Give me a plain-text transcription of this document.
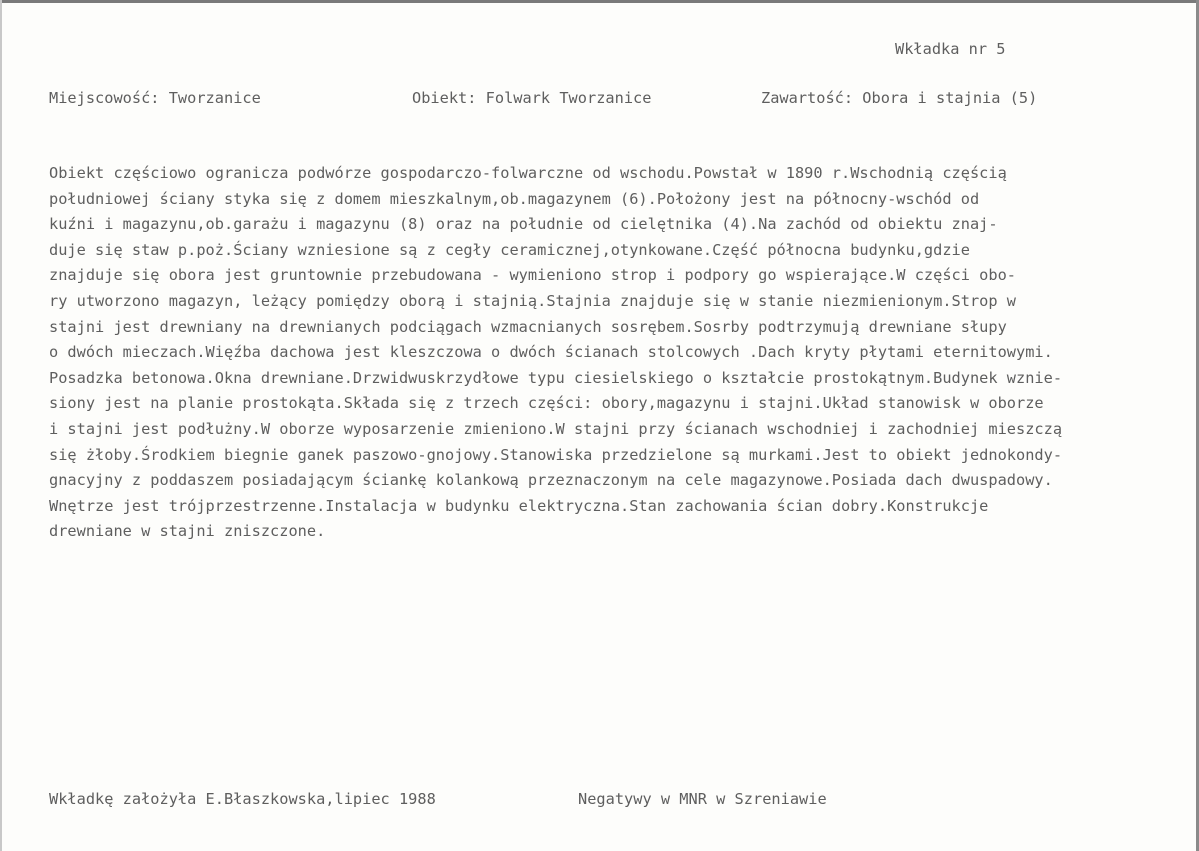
Wkładka nr 5
Miejscowość: Tworzanice	Obiekt: Folwark Tworzanice	Zawartość: Obora i stajnia (5)
Obiekt częściowo ogranicza podwórze gospodarczo-folwarczne od wschodu.Powstał w 1890 r.Wschodnią częścią
południowej ściany styka się z domem mieszkalnym,ob.magazynem (6).Położony jest na północny-wschód od
kuźni i magazynu,ob.garażu i magazynu (8) oraz na południe od cielętnika (4).Na zachód od obiektu znaj-
duje się staw p.poż.Ściany wzniesione są z cegły ceramicznej,otynkowane.Część północna budynku,gdzie
znajduje się obora jest gruntownie przebudowana - wymieniono strop i podpory go wspierające.W części obo-
ry utworzono magazyn, leżący pomiędzy oborą i stajnią.Stajnia znajduje się w stanie niezmienionym.Strop w
stajni jest drewniany na drewnianych podciągach wzmacnianych sosrębem.Sosrby podtrzymują drewniane słupy
o dwóch mieczach.Więźba dachowa jest kleszczowa o dwóch ścianach stolcowych .Dach kryty płytami eternitowymi.
Posadzka betonowa.Okna drewniane.Drzwidwuskrzydłowe typu ciesielskiego o kształcie prostokątnym.Budynek wznie-
siony jest na planie prostokąta.Składa się z trzech części: obory,magazynu i stajni.Układ stanowisk w oborze
i stajni jest podłużny.W oborze wyposarzenie zmieniono.W stajni przy ścianach wschodniej i zachodniej mieszczą
się żłoby.Środkiem biegnie ganek paszowo-gnojowy.Stanowiska przedzielone są murkami.Jest to obiekt jednokondy-
gnacyjny z poddaszem posiadającym ściankę kolankową przeznaczonym na cele magazynowe.Posiada dach dwuspadowy.
Wnętrze jest trójprzestrzenne.Instalacja w budynku elektryczna.Stan zachowania ścian dobry.Konstrukcje
drewniane w stajni zniszczone.
Wkładkę założyła E.Błaszkowska,lipiec 1988	Negatywy w MNR w Szreniawie
